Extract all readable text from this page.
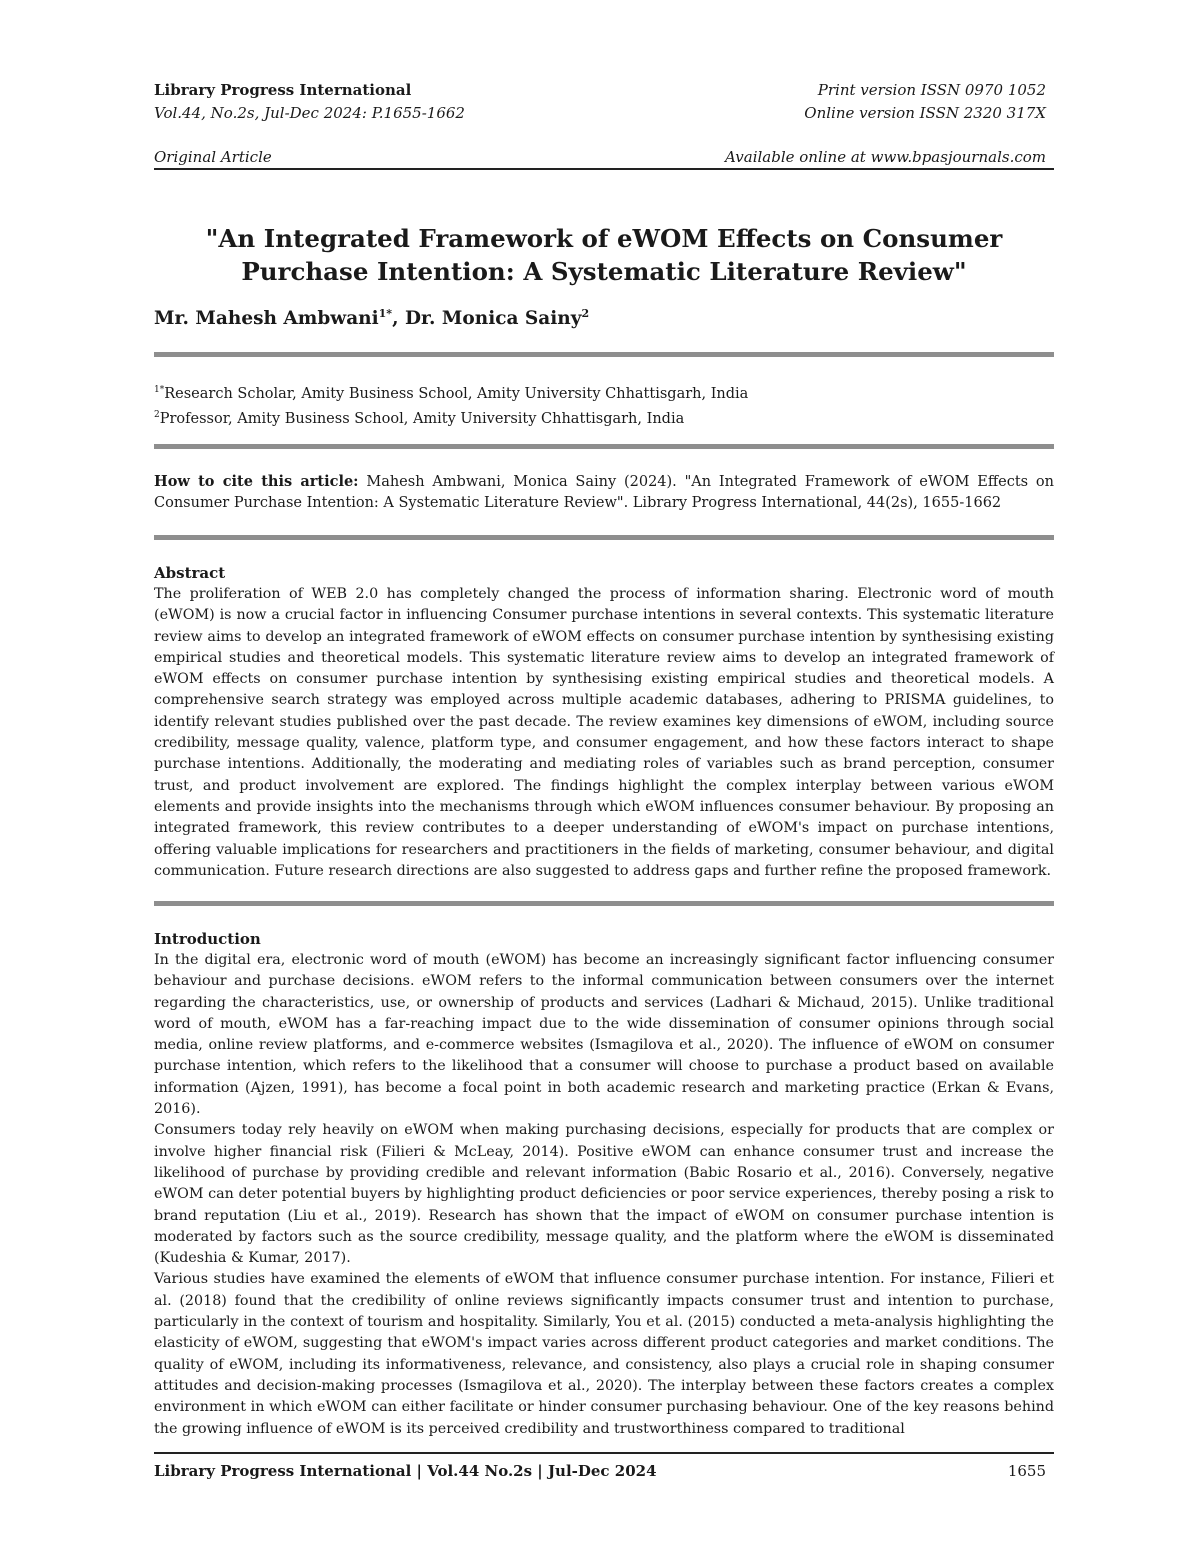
Library Progress International	Print version ISSN 0970 1052
Vol.44, No.2s, Jul-Dec 2024: P.1655-1662	Online version ISSN 2320 317X
Original Article	Available online at www.bpasjournals.com
"An Integrated Framework of eWOM Effects on Consumer Purchase Intention: A Systematic Literature Review"
Mr. Mahesh Ambwani$^{1*}$, Dr. Monica Sainy$^2$
$^{1*}$Research Scholar, Amity Business School, Amity University Chhattisgarh, India
$^2$Professor, Amity Business School, Amity University Chhattisgarh, India
How to cite this article: Mahesh Ambwani, Monica Sainy (2024). "An Integrated Framework of eWOM Effects on Consumer Purchase Intention: A Systematic Literature Review". Library Progress International, 44(2s), 1655-1662
Abstract

The proliferation of WEB 2.0 has completely changed the process of information sharing. Electronic word of mouth (eWOM) is now a crucial factor in influencing Consumer purchase intentions in several contexts. This systematic literature review aims to develop an integrated framework of eWOM effects on consumer purchase intention by synthesising existing empirical studies and theoretical models. This systematic literature review aims to develop an integrated framework of eWOM effects on consumer purchase intention by synthesising existing empirical studies and theoretical models. A comprehensive search strategy was employed across multiple academic databases, adhering to PRISMA guidelines, to identify relevant studies published over the past decade. The review examines key dimensions of eWOM, including source credibility, message quality, valence, platform type, and consumer engagement, and how these factors interact to shape purchase intentions. Additionally, the moderating and mediating roles of variables such as brand perception, consumer trust, and product involvement are explored. The findings highlight the complex interplay between various eWOM elements and provide insights into the mechanisms through which eWOM influences consumer behaviour. By proposing an integrated framework, this review contributes to a deeper understanding of eWOM's impact on purchase intentions, offering valuable implications for researchers and practitioners in the fields of marketing, consumer behaviour, and digital communication. Future research directions are also suggested to address gaps and further refine the proposed framework.

Introduction

In the digital era, electronic word of mouth (eWOM) has become an increasingly significant factor influencing consumer behaviour and purchase decisions. eWOM refers to the informal communication between consumers over the internet regarding the characteristics, use, or ownership of products and services (Ladhari & Michaud, 2015). Unlike traditional word of mouth, eWOM has a far-reaching impact due to the wide dissemination of consumer opinions through social media, online review platforms, and e-commerce websites (Ismagilova et al., 2020). The influence of eWOM on consumer purchase intention, which refers to the likelihood that a consumer will choose to purchase a product based on available information (Ajzen, 1991), has become a focal point in both academic research and marketing practice (Erkan & Evans, 2016).

Consumers today rely heavily on eWOM when making purchasing decisions, especially for products that are complex or involve higher financial risk (Filieri & McLeay, 2014). Positive eWOM can enhance consumer trust and increase the likelihood of purchase by providing credible and relevant information (Babic Rosario et al., 2016). Conversely, negative eWOM can deter potential buyers by highlighting product deficiencies or poor service experiences, thereby posing a risk to brand reputation (Liu et al., 2019). Research has shown that the impact of eWOM on consumer purchase intention is moderated by factors such as the source credibility, message quality, and the platform where the eWOM is disseminated (Kudeshia & Kumar, 2017).

Various studies have examined the elements of eWOM that influence consumer purchase intention. For instance, Filieri et al. (2018) found that the credibility of online reviews significantly impacts consumer trust and intention to purchase, particularly in the context of tourism and hospitality. Similarly, You et al. (2015) conducted a meta-analysis highlighting the elasticity of eWOM, suggesting that eWOM's impact varies across different product categories and market conditions. The quality of eWOM, including its informativeness, relevance, and consistency, also plays a crucial role in shaping consumer attitudes and decision-making processes (Ismagilova et al., 2020). The interplay between these factors creates a complex environment in which eWOM can either facilitate or hinder consumer purchasing behaviour. One of the key reasons behind the growing influence of eWOM is its perceived credibility and trustworthiness compared to traditional

Library Progress International | Vol.44 No.2s | Jul-Dec 2024	1655
